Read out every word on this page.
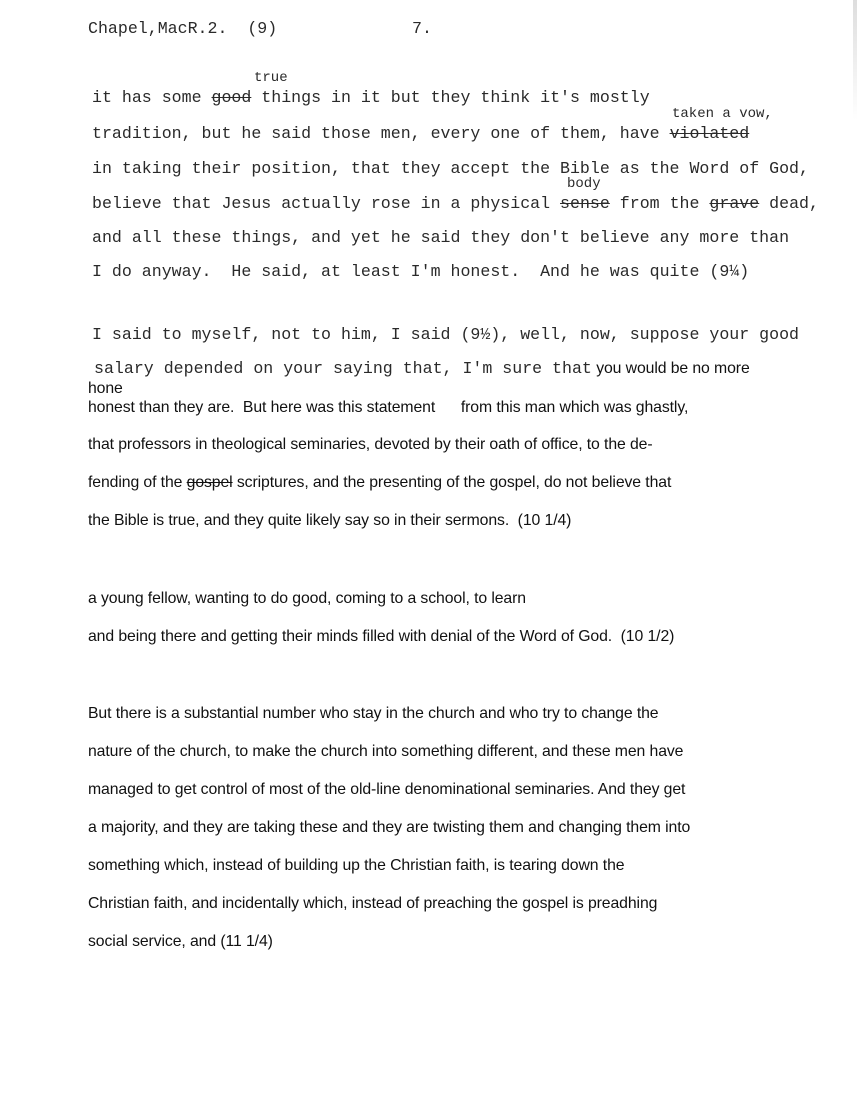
Chapel,MacR.2.  (9)	7.
it has some good things in it but they think it's mostly
tradition, but he said those men, every one of them, have violated
in taking their position, that they accept the Bible as the Word of God,
believe that Jesus actually rose in a physical sense from the grave dead,
and all these things, and yet he said they don't believe any more than
I do anyway.  He said, at least I'm honest.  And he was quite (9¼)
I said to myself, not to him, I said (9½), well, now, suppose your good
salary depended on your saying that, I'm sure that you would be no more
hone
honest than they are.  But here was this statement      from this man which was ghastly,
that professors in theological seminaries, devoted by their oath of office, to the de-
fending of the gospel scriptures, and the presenting of the gospel, do not believe that
the Bible is true, and they quite likely say so in their sermons.  (10 1/4)
a young fellow, wanting to do good, coming to a school, to learn
and being there and getting their minds filled with denial of the Word of God.  (10 1/2)
But there is a substantial number who stay in the church and who try to change the
nature of the church, to make the church into something different, and these men have
managed to get control of most of the old-line denominational seminaries. And they get
a majority, and they are taking these and they are twisting them and changing them into
something which, instead of building up the Christian faith, is tearing down the
Christian faith, and incidentally which, instead of preaching the gospel is preadhing
social service, and (11 1/4)
true
taken a vow,
body
